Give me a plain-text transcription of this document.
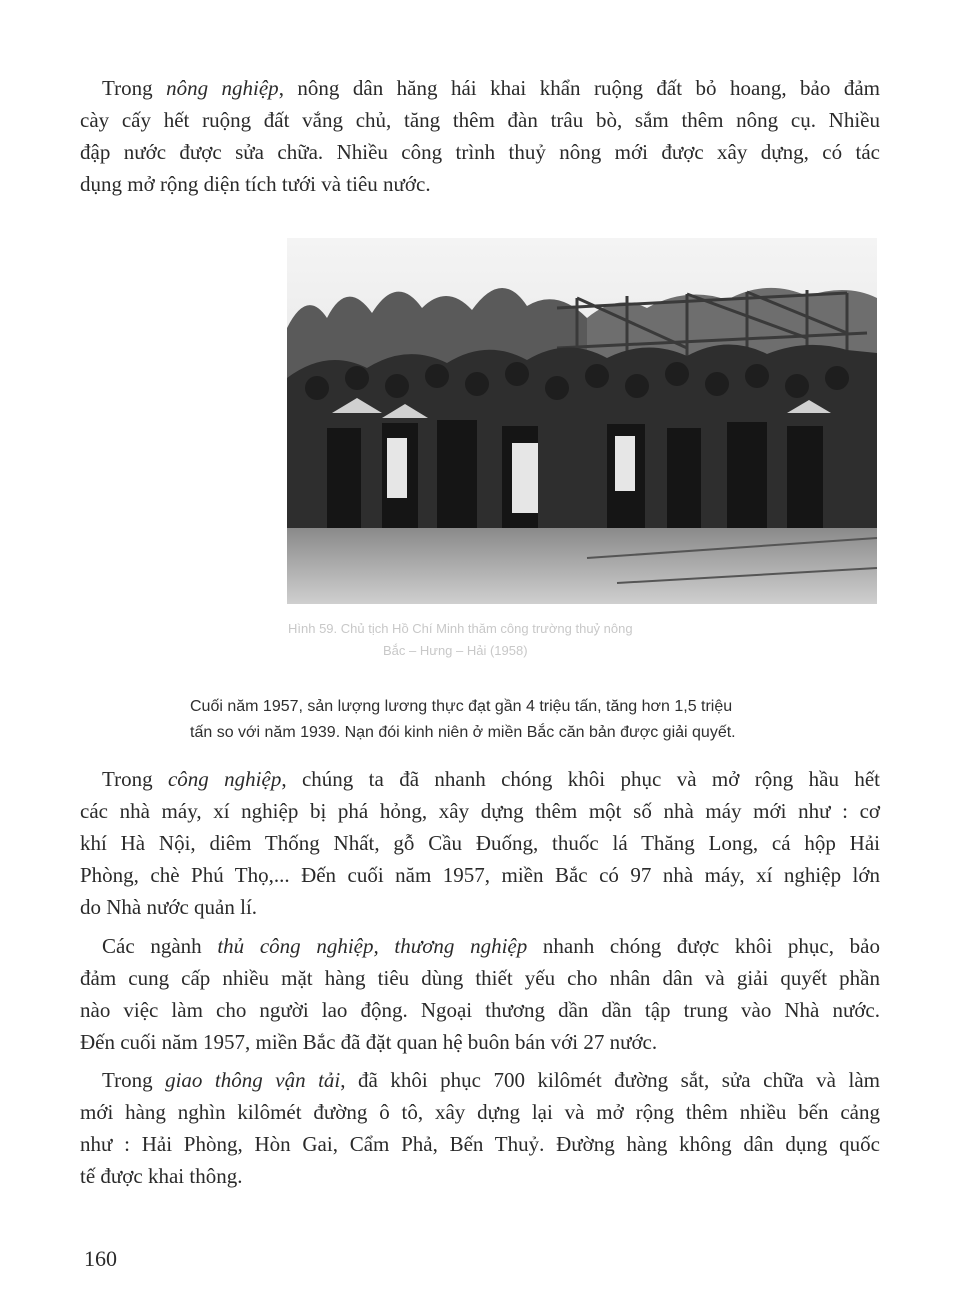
Trong nông nghiệp, nông dân hăng hái khai khẩn ruộng đất bỏ hoang, bảo đảm
cày cấy hết ruộng đất vắng chủ, tăng thêm đàn trâu bò, sắm thêm nông cụ. Nhiều
đập nước được sửa chữa. Nhiều công trình thuỷ nông mới được xây dựng, có tác
dụng mở rộng diện tích tưới và tiêu nước.
Hình 59. Chủ tịch Hồ Chí Minh thăm công trường thuỷ nông
Bắc – Hưng – Hải (1958)
Cuối năm 1957, sản lượng lương thực đạt gần 4 triệu tấn, tăng hơn 1,5 triệu
tấn so với năm 1939. Nạn đói kinh niên ở miền Bắc căn bản được giải quyết.
Trong công nghiệp, chúng ta đã nhanh chóng khôi phục và mở rộng hầu hết
các nhà máy, xí nghiệp bị phá hỏng, xây dựng thêm một số nhà máy mới như : cơ
khí Hà Nội, diêm Thống Nhất, gỗ Cầu Đuống, thuốc lá Thăng Long, cá hộp Hải
Phòng, chè Phú Thọ,... Đến cuối năm 1957, miền Bắc có 97 nhà máy, xí nghiệp lớn
do Nhà nước quản lí.
Các ngành thủ công nghiệp, thương nghiệp nhanh chóng được khôi phục, bảo
đảm cung cấp nhiều mặt hàng tiêu dùng thiết yếu cho nhân dân và giải quyết phần
nào việc làm cho người lao động. Ngoại thương dần dần tập trung vào Nhà nước.
Đến cuối năm 1957, miền Bắc đã đặt quan hệ buôn bán với 27 nước.
Trong giao thông vận tải, đã khôi phục 700 kilômét đường sắt, sửa chữa và làm
mới hàng nghìn kilômét đường ô tô, xây dựng lại và mở rộng thêm nhiều bến cảng
như : Hải Phòng, Hòn Gai, Cẩm Phả, Bến Thuỷ. Đường hàng không dân dụng quốc
tế được khai thông.
160
